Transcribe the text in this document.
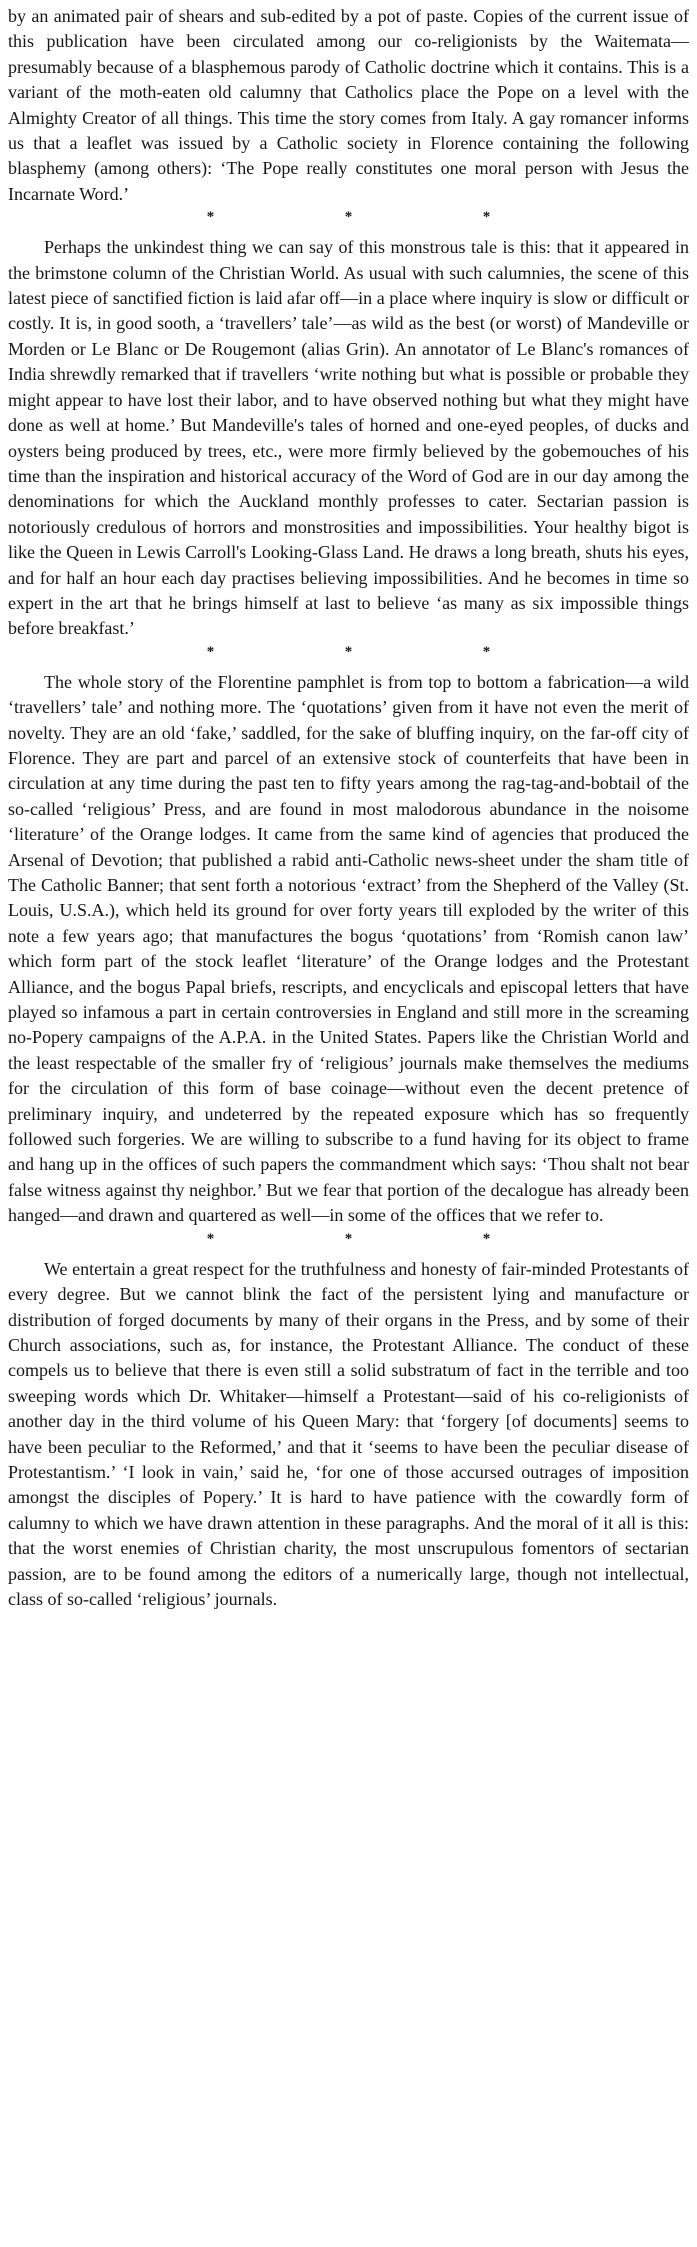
by an animated pair of shears and sub-edited by a pot of paste. Copies of the current issue of this publication have been circulated among our co-religionists by the Waitemata— presumably because of a blasphemous parody of Catholic doctrine which it contains. This is a variant of the moth-eaten old calumny that Catholics place the Pope on a level with the Almighty Creator of all things. This time the story comes from Italy. A gay romancer informs us that a leaflet was issued by a Catholic society in Florence containing the following blasphemy (among others): ‘The Pope really constitutes one moral person with Jesus the Incarnate Word.’

*	*	*

Perhaps the unkindest thing we can say of this monstrous tale is this: that it appeared in the brimstone column of the Christian World. As usual with such calumnies, the scene of this latest piece of sanctified fiction is laid afar off—in a place where inquiry is slow or difficult or costly. It is, in good sooth, a ‘travellers’ tale’—as wild as the best (or worst) of Mandeville or Morden or Le Blanc or De Rougemont (alias Grin). An annotator of Le Blanc's romances of India shrewdly remarked that if travellers ‘write nothing but what is possible or probable they might appear to have lost their labor, and to have observed nothing but what they might have done as well at home.’ But Mandeville's tales of horned and one-eyed peoples, of ducks and oysters being produced by trees, etc., were more firmly believed by the gobemouches of his time than the inspiration and historical accuracy of the Word of God are in our day among the denominations for which the Auckland monthly professes to cater. Sectarian passion is notoriously credulous of horrors and monstrosities and impossibilities. Your healthy bigot is like the Queen in Lewis Carroll's Looking-Glass Land. He draws a long breath, shuts his eyes, and for half an hour each day practises believing impossibilities. And he becomes in time so expert in the art that he brings himself at last to believe ‘as many as six impossible things before breakfast.’

*	*	*

The whole story of the Florentine pamphlet is from top to bottom a fabrication—a wild ‘travellers’ tale’ and nothing more. The ‘quotations’ given from it have not even the merit of novelty. They are an old ‘fake,’ saddled, for the sake of bluffing inquiry, on the far-off city of Florence. They are part and parcel of an extensive stock of counterfeits that have been in circulation at any time during the past ten to fifty years among the rag-tag-and-bobtail of the so-called ‘religious’ Press, and are found in most malodorous abundance in the noisome ‘literature’ of the Orange lodges. It came from the same kind of agencies that produced the Arsenal of Devotion; that published a rabid anti-Catholic news-sheet under the sham title of The Catholic Banner; that sent forth a notorious ‘extract’ from the Shepherd of the Valley (St. Louis, U.S.A.), which held its ground for over forty years till exploded by the writer of this note a few years ago; that manufactures the bogus ‘quotations’ from ‘Romish canon law’ which form part of the stock leaflet ‘literature’ of the Orange lodges and the Protestant Alliance, and the bogus Papal briefs, rescripts, and encyclicals and episcopal letters that have played so infamous a part in certain controversies in England and still more in the screaming no-Popery campaigns of the A.P.A. in the United States. Papers like the Christian World and the least respectable of the smaller fry of ‘religious’ journals make themselves the mediums for the circulation of this form of base coinage—without even the decent pretence of preliminary inquiry, and undeterred by the repeated exposure which has so frequently followed such forgeries. We are willing to subscribe to a fund having for its object to frame and hang up in the offices of such papers the commandment which says: ‘Thou shalt not bear false witness against thy neighbor.’ But we fear that portion of the decalogue has already been hanged—and drawn and quartered as well—in some of the offices that we refer to.

*	*	*

We entertain a great respect for the truthfulness and honesty of fair-minded Protestants of every degree. But we cannot blink the fact of the persistent lying and manufacture or distribution of forged documents by many of their organs in the Press, and by some of their Church associations, such as, for instance, the Protestant Alliance. The conduct of these compels us to believe that there is even still a solid substratum of fact in the terrible and too sweeping words which Dr. Whitaker—himself a Protestant—said of his co-religionists of another day in the third volume of his Queen Mary: that ‘forgery [of documents] seems to have been peculiar to the Reformed,’ and that it ‘seems to have been the peculiar disease of Protestantism.’ ‘I look in vain,’ said he, ‘for one of those accursed outrages of imposition amongst the disciples of Popery.’ It is hard to have patience with the cowardly form of calumny to which we have drawn attention in these paragraphs. And the moral of it all is this: that the worst enemies of Christian charity, the most unscrupulous fomentors of sectarian passion, are to be found among the editors of a numerically large, though not intellectual, class of so-called ‘religious’ journals.
